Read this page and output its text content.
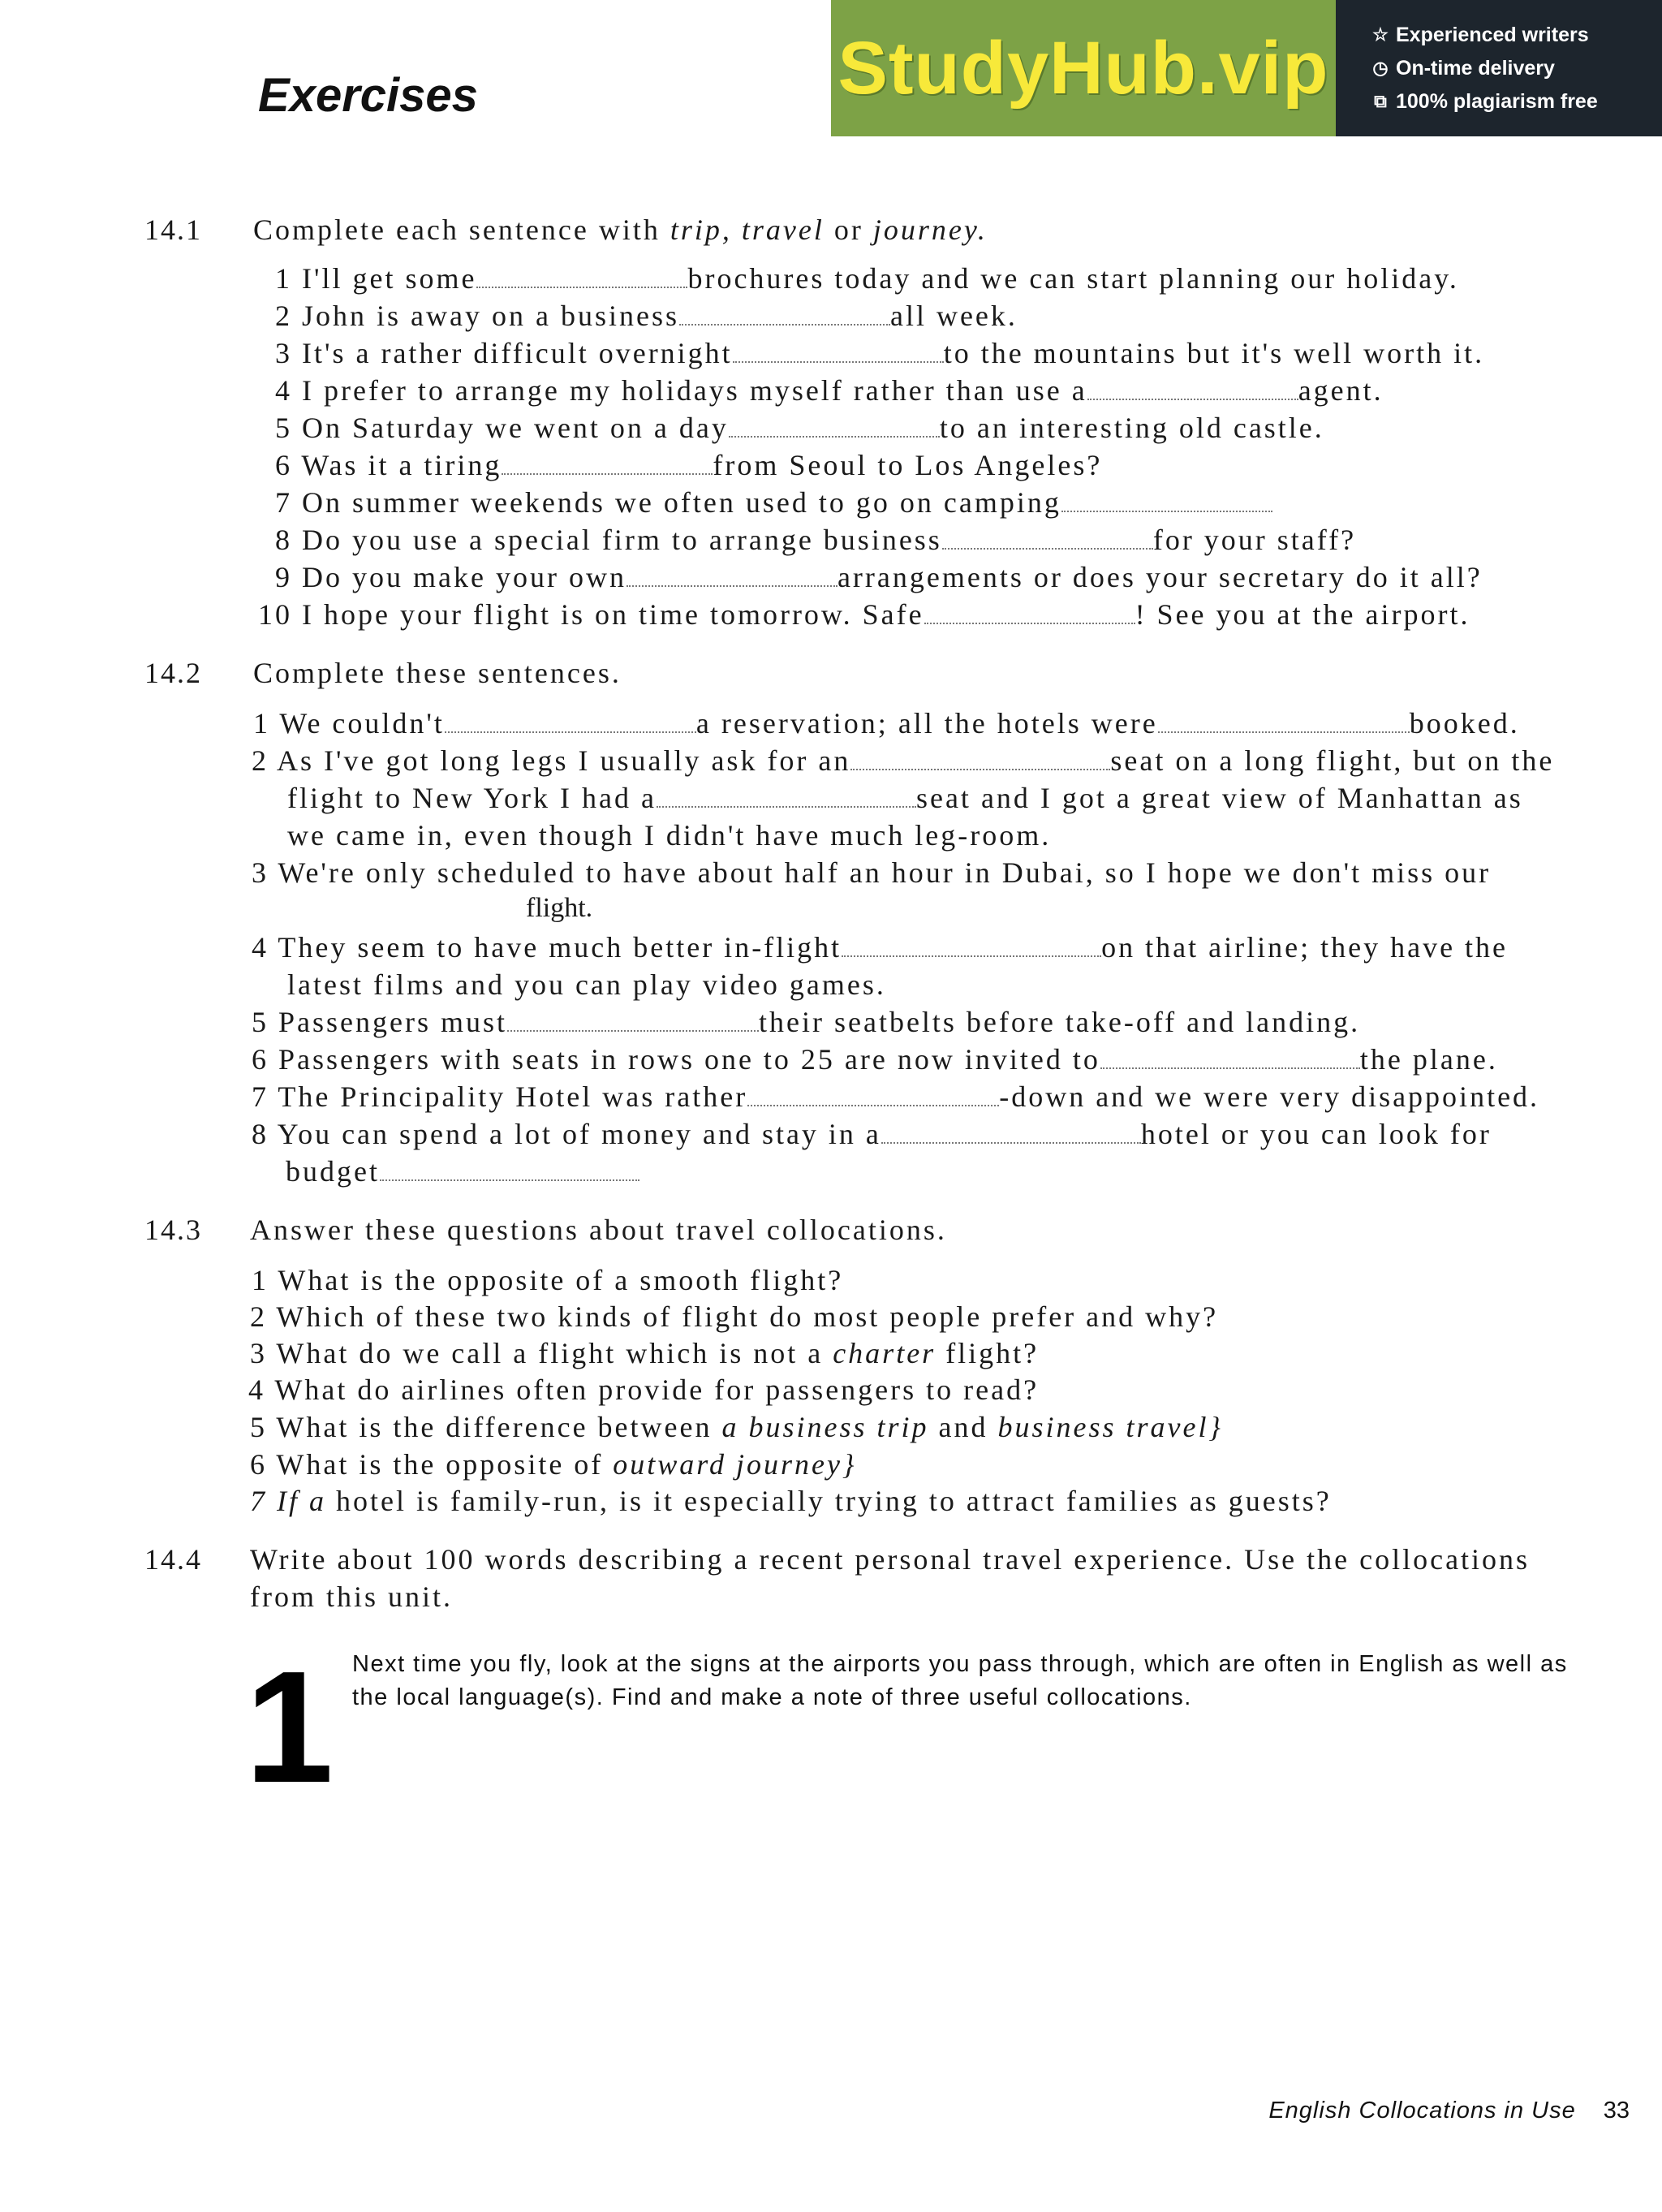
Exercises	StudyHub.vip ☆ Experienced writers
◷ On-time delivery
⧉ 100% plagiarism free
14.1 Complete each sentence with trip, travel or journey.
1 I'll get some	brochures today and we can start planning our holiday.
2 John is away on a business	all week.
3 It's a rather difficult overnight	to the mountains but it's well worth it.
4 I prefer to arrange my holidays myself rather than use a	agent.
5 On Saturday we went on a day	to an interesting old castle.
6 Was it a tiring	from Seoul to Los Angeles?
7 On summer weekends we often used to go on camping
8 Do you use a special firm to arrange business	for your staff?
9 Do you make your own	arrangements or does your secretary do it all?
10 I hope your flight is on time tomorrow. Safe	! See you at the airport.
14.2 Complete these sentences.
1 We couldn't	a reservation; all the hotels were	booked.
2 As I've got long legs I usually ask for an	seat on a long flight, but on the
flight to New York I had a	seat and I got a great view of Manhattan as
we came in, even though I didn't have much leg-room.
3 We're only scheduled to have about half an hour in Dubai, so I hope we don't miss our
flight.
4 They seem to have much better in-flight	on that airline; they have the
latest films and you can play video games.
5 Passengers must	their seatbelts before take-off and landing.
6 Passengers with seats in rows one to 25 are now invited to	the plane.
7 The Principality Hotel was rather	-down and we were very disappointed.
8 You can spend a lot of money and stay in a	hotel or you can look for
budget
14.3 Answer these questions about travel collocations.
1 What is the opposite of a smooth flight?
2 Which of these two kinds of flight do most people prefer and why?
3 What do we call a flight which is not a charter flight?
4 What do airlines often provide for passengers to read?
5 What is the difference between a business trip and business travel}
6 What is the opposite of outward journey}
7 If a hotel is family-run, is it especially trying to attract families as guests?
14.4 Write about 100 words describing a recent personal travel experience. Use the collocations
from this unit.
1 Next time you fly, look at the signs at the airports you pass through, which are often in English as well as the local language(s). Find and make a note of three useful collocations.
English Collocations in Use 33
